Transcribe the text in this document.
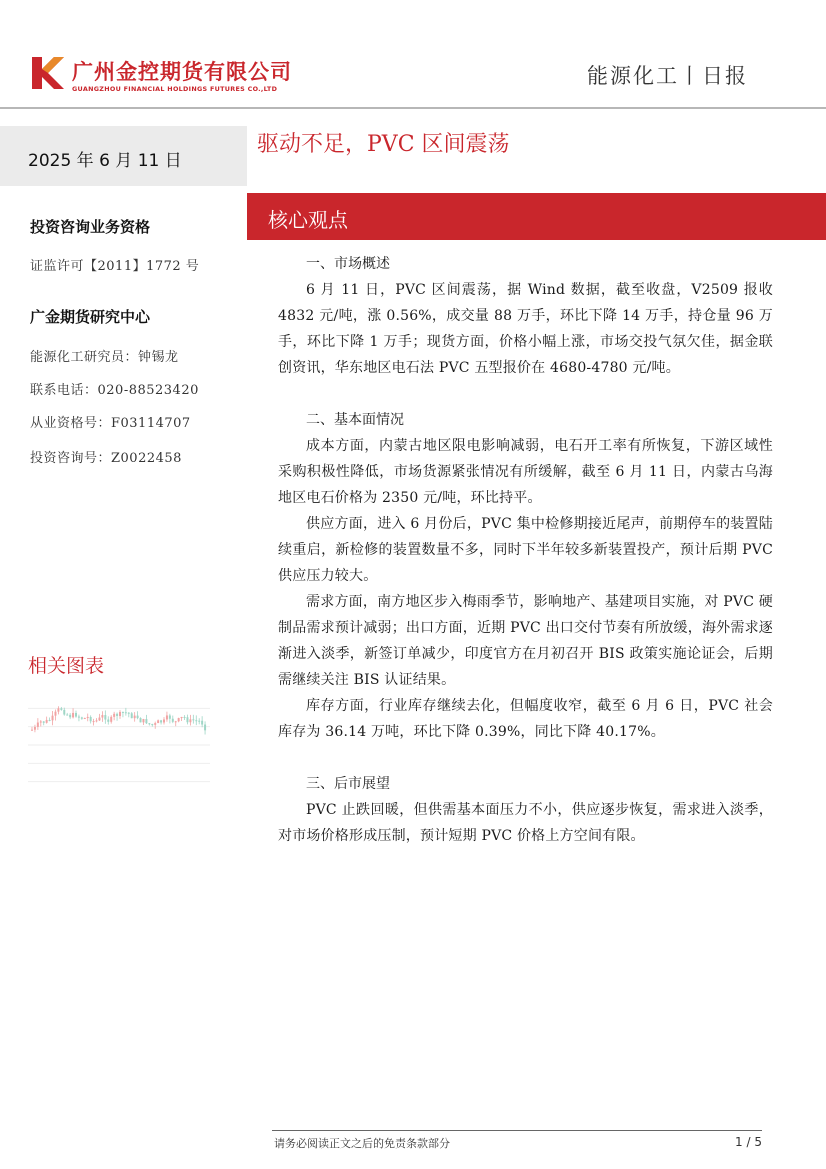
广州金控期货有限公司
GUANGZHOU FINANCIAL HOLDINGS FUTURES CO.,LTD
能源化工丨日报
2025 年 6 月 11 日
投资咨询业务资格
证监许可【2011】1772 号
广金期货研究中心
能源化工研究员：钟锡龙
联系电话：020-88523420
从业资格号：F03114707
投资咨询号：Z0022458
相关图表
驱动不足，PVC 区间震荡
核心观点
一、市场概述

6 月 11 日，PVC 区间震荡，据 Wind 数据，截至收盘，V2509 报收 4832 元/吨，涨 0.56%，成交量 88 万手，环比下降 14 万手，持仓量 96 万手，环比下降 1 万手；现货方面，价格小幅上涨，市场交投气氛欠佳，据金联创资讯，华东地区电石法 PVC 五型报价在 4680-4780 元/吨。

二、基本面情况

成本方面，内蒙古地区限电影响减弱，电石开工率有所恢复，下游区域性采购积极性降低，市场货源紧张情况有所缓解，截至 6 月 11 日，内蒙古乌海地区电石价格为 2350 元/吨，环比持平。

供应方面，进入 6 月份后，PVC 集中检修期接近尾声，前期停车的装置陆续重启，新检修的装置数量不多，同时下半年较多新装置投产，预计后期 PVC 供应压力较大。

需求方面，南方地区步入梅雨季节，影响地产、基建项目实施，对 PVC 硬制品需求预计减弱；出口方面，近期 PVC 出口交付节奏有所放缓，海外需求逐渐进入淡季，新签订单减少，印度官方在月初召开 BIS 政策实施论证会，后期需继续关注 BIS 认证结果。

库存方面，行业库存继续去化，但幅度收窄，截至 6 月 6 日，PVC 社会库存为 36.14 万吨，环比下降 0.39%，同比下降 40.17%。

三、后市展望

PVC 止跌回暖，但供需基本面压力不小，供应逐步恢复，需求进入淡季，对市场价格形成压制，预计短期 PVC 价格上方空间有限。

请务必阅读正文之后的免责条款部分	1 / 5
